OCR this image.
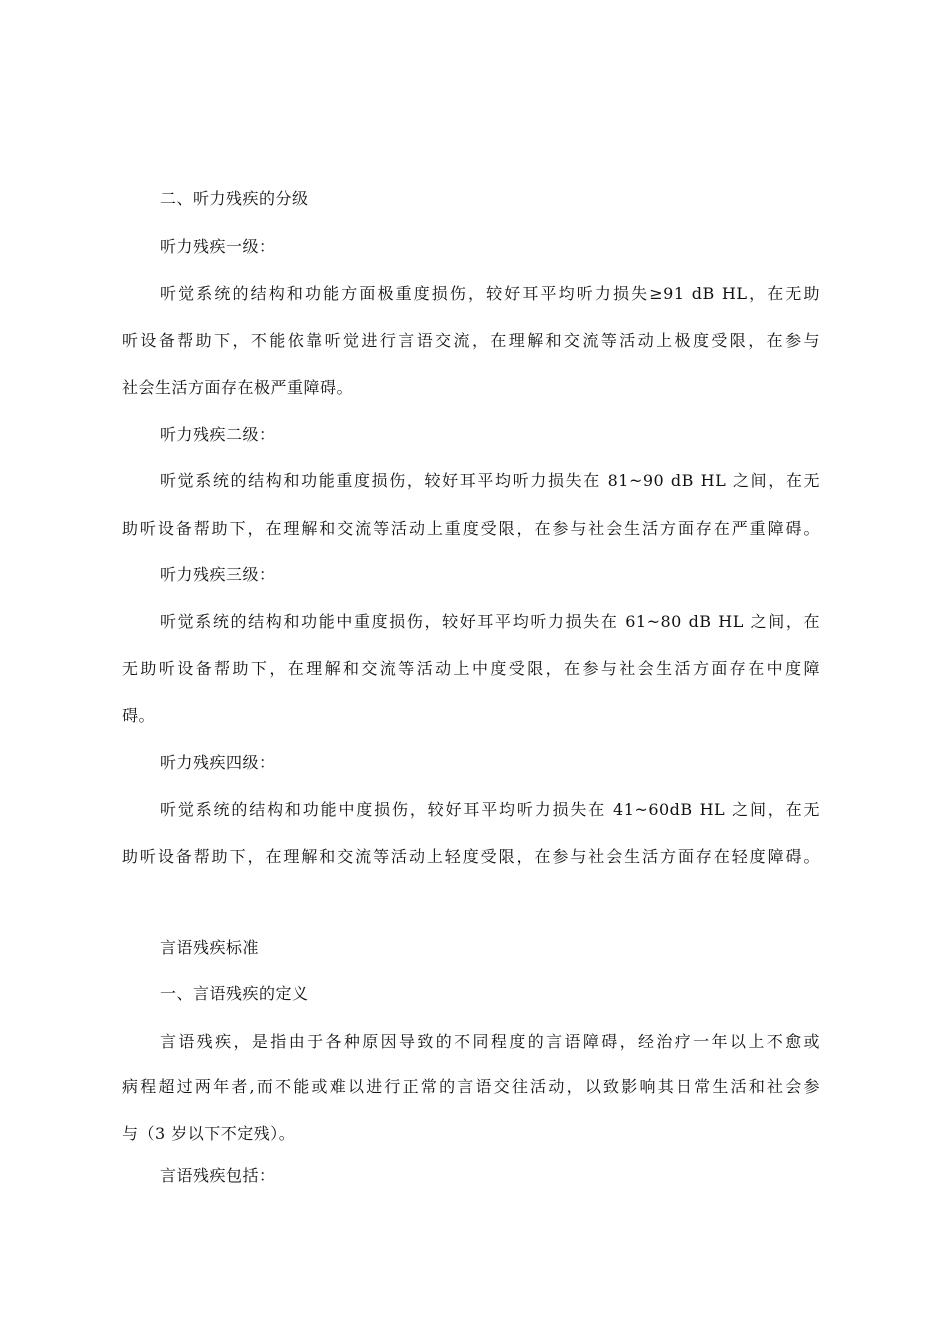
二、听力残疾的分级
听力残疾一级：
听觉系统的结构和功能方面极重度损伤，较好耳平均听力损失≥91 dB HL，在无助
听设备帮助下，不能依靠听觉进行言语交流，在理解和交流等活动上极度受限，在参与
社会生活方面存在极严重障碍。
听力残疾二级：
听觉系统的结构和功能重度损伤，较好耳平均听力损失在 81~90 dB HL 之间，在无
助听设备帮助下，在理解和交流等活动上重度受限，在参与社会生活方面存在严重障碍。
听力残疾三级：
听觉系统的结构和功能中重度损伤，较好耳平均听力损失在 61~80 dB HL 之间，在
无助听设备帮助下，在理解和交流等活动上中度受限，在参与社会生活方面存在中度障
碍。
听力残疾四级：
听觉系统的结构和功能中度损伤，较好耳平均听力损失在 41~60dB HL 之间，在无
助听设备帮助下，在理解和交流等活动上轻度受限，在参与社会生活方面存在轻度障碍。
言语残疾标准
一、言语残疾的定义
言语残疾，是指由于各种原因导致的不同程度的言语障碍，经治疗一年以上不愈或
病程超过两年者,而不能或难以进行正常的言语交往活动，以致影响其日常生活和社会参
与（3 岁以下不定残）。
言语残疾包括：
